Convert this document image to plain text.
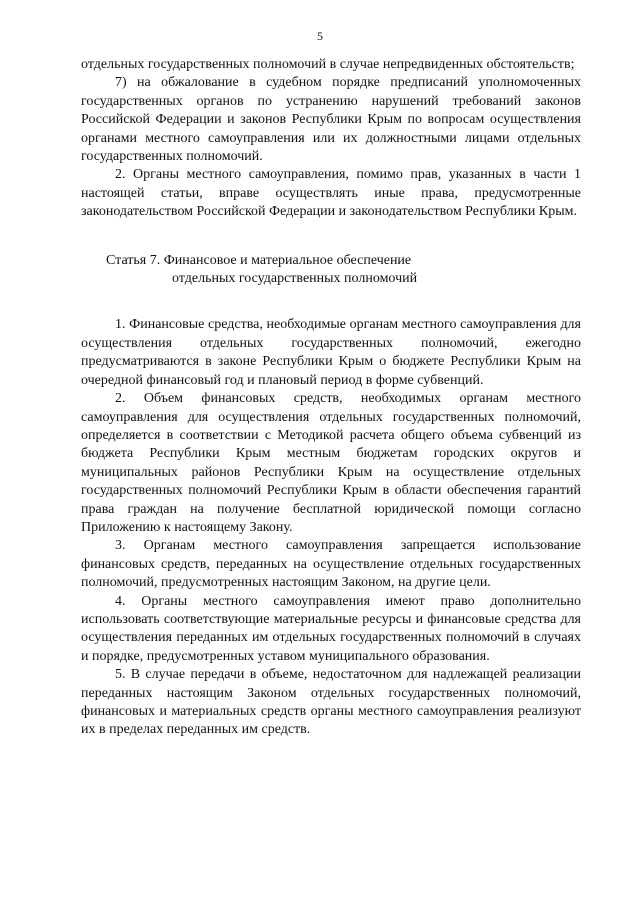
5

отдельных государственных полномочий в случае непредвиденных обстоятельств;

7) на обжалование в судебном порядке предписаний уполномоченных государственных органов по устранению нарушений требований законов Российской Федерации и законов Республики Крым по вопросам осуществления органами местного самоуправления или их должностными лицами отдельных государственных полномочий.

2. Органы местного самоуправления, помимо прав, указанных в части 1 настоящей статьи, вправе осуществлять иные права, предусмотренные законодательством Российской Федерации и законодательством Республики Крым.

Статья 7. Финансовое и материальное обеспечение
отдельных государственных полномочий

1. Финансовые средства, необходимые органам местного самоуправления для осуществления отдельных государственных полномочий, ежегодно предусматриваются в законе Республики Крым о бюджете Республики Крым на очередной финансовый год и плановый период в форме субвенций.

2. Объем финансовых средств, необходимых органам местного самоуправления для осуществления отдельных государственных полномочий, определяется в соответствии с Методикой расчета общего объема субвенций из бюджета Республики Крым местным бюджетам городских округов и муниципальных районов Республики Крым на осуществление отдельных государственных полномочий Республики Крым в области обеспечения гарантий права граждан на получение бесплатной юридической помощи согласно Приложению к настоящему Закону.

3. Органам местного самоуправления запрещается использование финансовых средств, переданных на осуществление отдельных государственных полномочий, предусмотренных настоящим Законом, на другие цели.

4. Органы местного самоуправления имеют право дополнительно использовать соответствующие материальные ресурсы и финансовые средства для осуществления переданных им отдельных государственных полномочий в случаях и порядке, предусмотренных уставом муниципального образования.

5. В случае передачи в объеме, недостаточном для надлежащей реализации переданных настоящим Законом отдельных государственных полномочий, финансовых и материальных средств органы местного самоуправления реализуют их в пределах переданных им средств.
